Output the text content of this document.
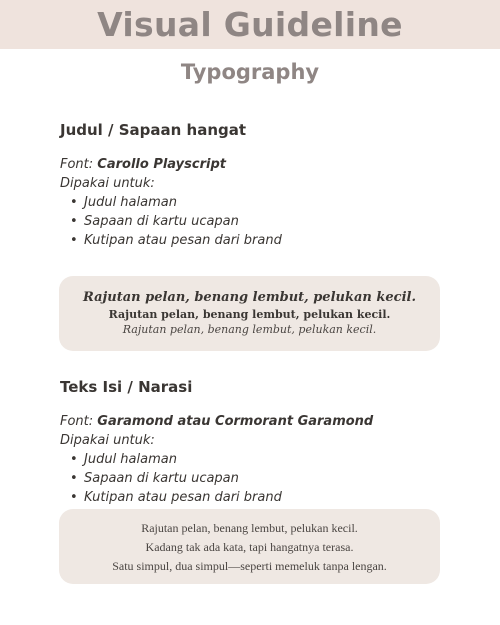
Visual Guideline
Typography
Judul / Sapaan hangat
Font: Carollo Playscript
Dipakai untuk:
• Judul halaman
• Sapaan di kartu ucapan
• Kutipan atau pesan dari brand
Rajutan pelan, benang lembut, pelukan kecil.
Rajutan pelan, benang lembut, pelukan kecil.
Rajutan pelan, benang lembut, pelukan kecil.
Teks Isi / Narasi
Font: Garamond atau Cormorant Garamond
Dipakai untuk:
• Judul halaman
• Sapaan di kartu ucapan
• Kutipan atau pesan dari brand
Rajutan pelan, benang lembut, pelukan kecil.
Kadang tak ada kata, tapi hangatnya terasa.
Satu simpul, dua simpul—seperti memeluk tanpa lengan.
